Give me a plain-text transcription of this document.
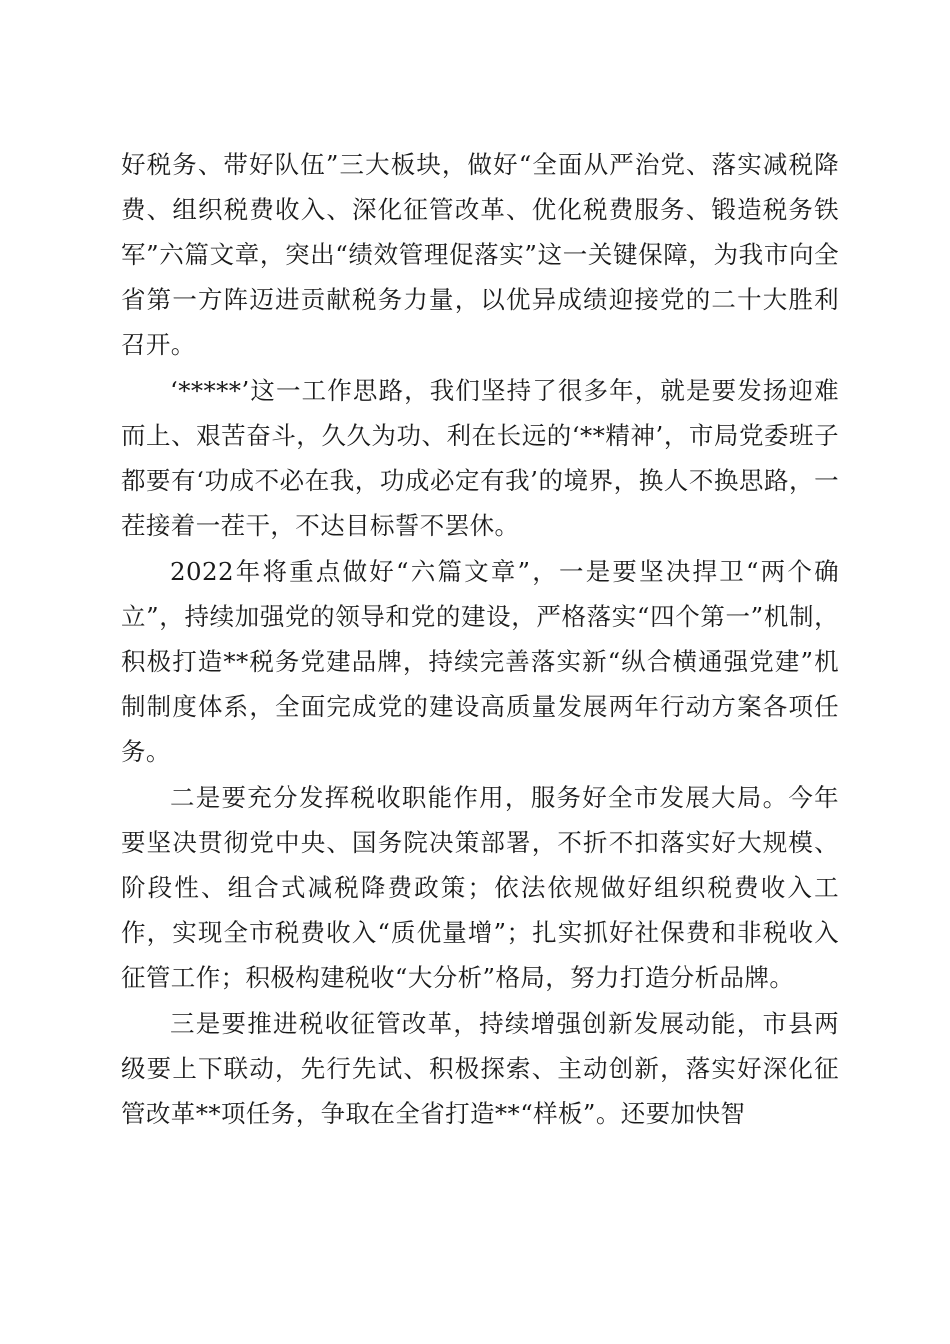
好税务、带好队伍”三大板块，做好“全面从严治党、落实减税降费、组织税费收入、深化征管改革、优化税费服务、锻造税务铁军”六篇文章，突出“绩效管理促落实”这一关键保障，为我市向全省第一方阵迈进贡献税务力量，以优异成绩迎接党的二十大胜利召开。

‘*****’这一工作思路，我们坚持了很多年，就是要发扬迎难而上、艰苦奋斗，久久为功、利在长远的‘**精神’，市局党委班子都要有‘功成不必在我，功成必定有我’的境界，换人不换思路，一茬接着一茬干，不达目标誓不罢休。

2022年将重点做好“六篇文章”，一是要坚决捍卫“两个确立”，持续加强党的领导和党的建设，严格落实“四个第一”机制，积极打造**税务党建品牌，持续完善落实新“纵合横通强党建”机制制度体系，全面完成党的建设高质量发展两年行动方案各项任务。

二是要充分发挥税收职能作用，服务好全市发展大局。今年要坚决贯彻党中央、国务院决策部署，不折不扣落实好大规模、阶段性、组合式减税降费政策；依法依规做好组织税费收入工作，实现全市税费收入“质优量增”；扎实抓好社保费和非税收入征管工作；积极构建税收“大分析”格局，努力打造分析品牌。

三是要推进税收征管改革，持续增强创新发展动能，市县两级要上下联动，先行先试、积极探索、主动创新，落实好深化征管改革**项任务，争取在全省打造**“样板”。还要加快智
